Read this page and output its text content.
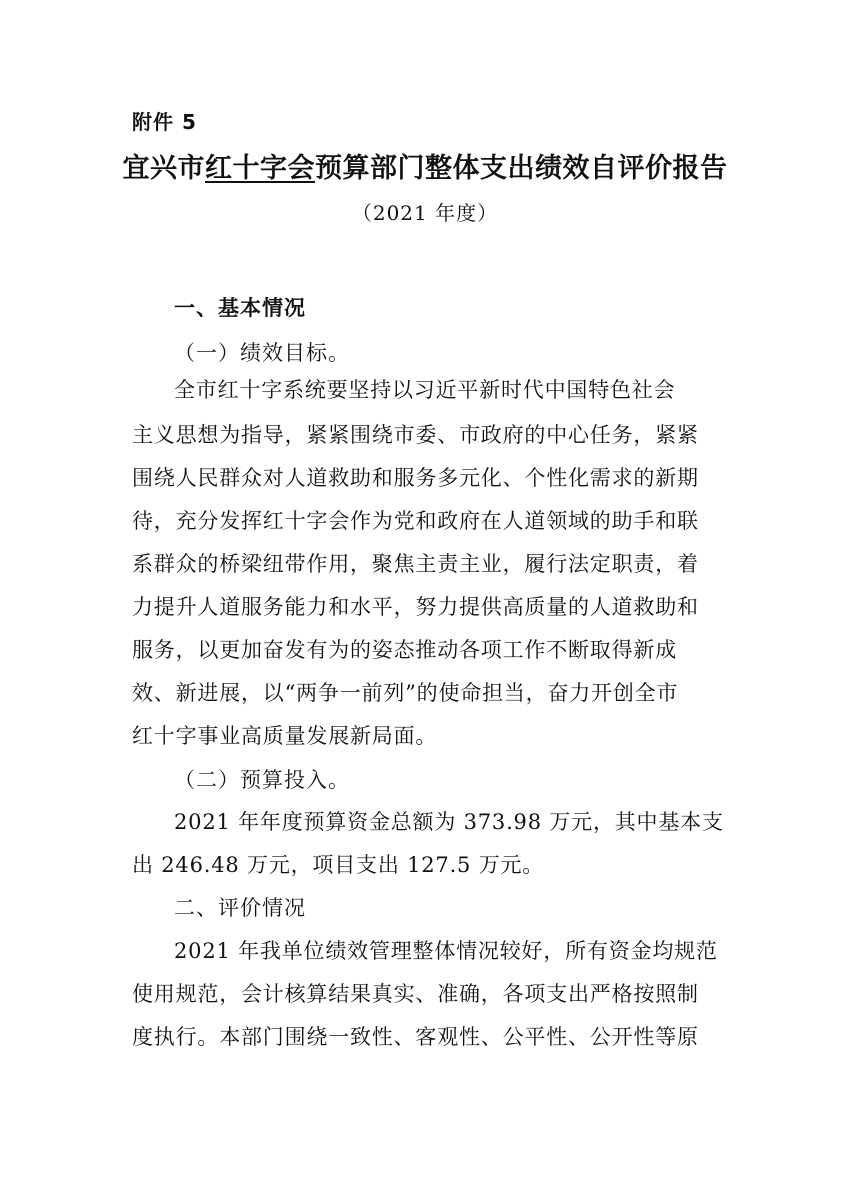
附件 5
宜兴市红十字会预算部门整体支出绩效自评价报告
（2021 年度）
一、基本情况
（一）绩效目标。
全市红十字系统要坚持以习近平新时代中国特色社会
主义思想为指导，紧紧围绕市委、市政府的中心任务，紧紧
围绕人民群众对人道救助和服务多元化、个性化需求的新期
待，充分发挥红十字会作为党和政府在人道领域的助手和联
系群众的桥梁纽带作用，聚焦主责主业，履行法定职责，着
力提升人道服务能力和水平，努力提供高质量的人道救助和
服务，以更加奋发有为的姿态推动各项工作不断取得新成
效、新进展，以“两争一前列”的使命担当，奋力开创全市
红十字事业高质量发展新局面。
（二）预算投入。
2021 年年度预算资金总额为 373.98 万元，其中基本支
出 246.48 万元，项目支出 127.5 万元。
二、评价情况
2021 年我单位绩效管理整体情况较好，所有资金均规范
使用规范，会计核算结果真实、准确，各项支出严格按照制
度执行。本部门围绕一致性、客观性、公平性、公开性等原
